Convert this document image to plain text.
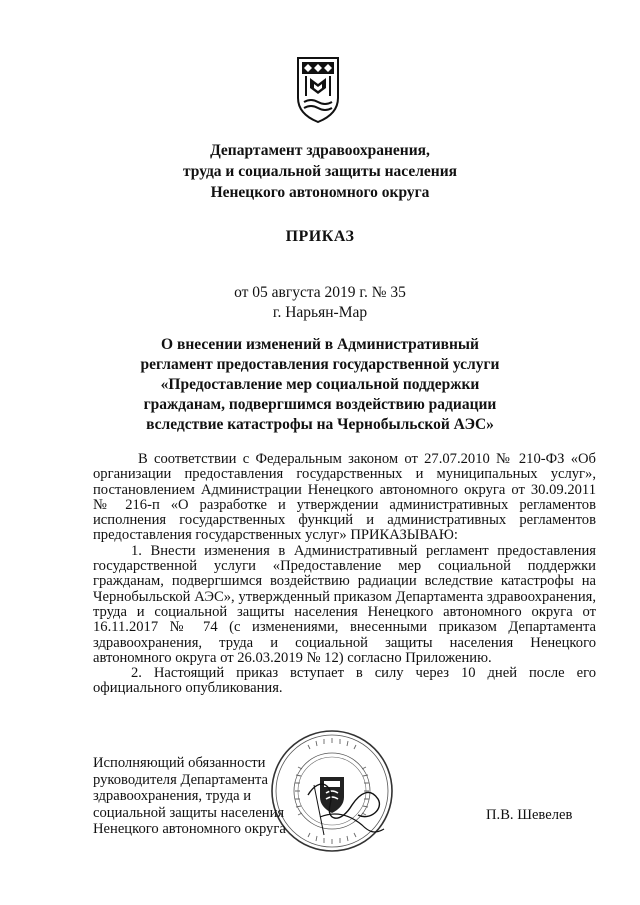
Департамент здравоохранения,
труда и социальной защиты населения
Ненецкого автономного округа
ПРИКАЗ
от 05 августа 2019 г. № 35
г. Нарьян-Мар
О внесении изменений в Административный
регламент предоставления государственной услуги
«Предоставление мер социальной поддержки
гражданам, подвергшимся воздействию радиации
вследствие катастрофы на Чернобыльской АЭС»

В соответствии с Федеральным законом от 27.07.2010 № 210-ФЗ «Об организации предоставления государственных и муниципальных услуг», постановлением Администрации Ненецкого автономного округа от 30.09.2011 № 216-п «О разработке и утверждении административных регламентов исполнения государственных функций и административных регламентов предоставления государственных услуг» ПРИКАЗЫВАЮ:

1. Внести изменения в Административный регламент предоставления государственной услуги «Предоставление мер социальной поддержки гражданам, подвергшимся воздействию радиации вследствие катастрофы на Чернобыльской АЭС», утвержденный приказом Департамента здравоохранения, труда и социальной защиты населения Ненецкого автономного округа от 16.11.2017 № 74 (с изменениями, внесенными приказом Департамента здравоохранения, труда и социальной защиты населения Ненецкого автономного округа от 26.03.2019 № 12) согласно Приложению.

2. Настоящий приказ вступает в силу через 10 дней после его официального опубликования.

Исполняющий обязанности
руководителя Департамента
здравоохранения, труда и
социальной защиты населения
Ненецкого автономного округа
П.В. Шевелев
